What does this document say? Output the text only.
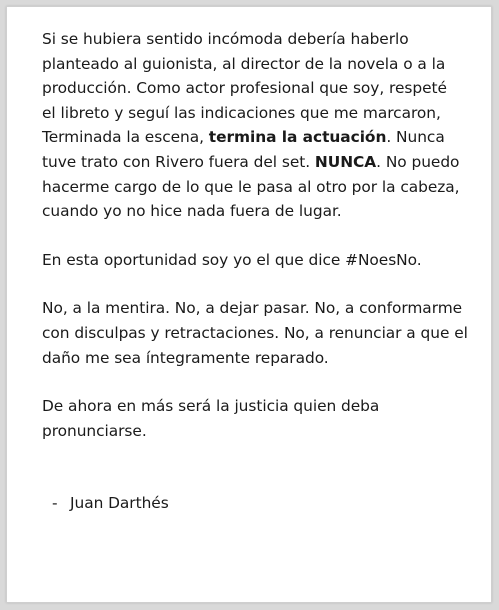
Si se hubiera sentido incómoda debería haberlo
planteado al guionista, al director de la novela o a la
producción. Como actor profesional que soy, respeté
el libreto y seguí las indicaciones que me marcaron,
Terminada la escena, termina la actuación. Nunca
tuve trato con Rivero fuera del set. NUNCA. No puedo
hacerme cargo de lo que le pasa al otro por la cabeza,
cuando yo no hice nada fuera de lugar.

En esta oportunidad soy yo el que dice #NoesNo.

No, a la mentira. No, a dejar pasar. No, a conformarme
con disculpas y retractaciones. No, a renunciar a que el
daño me sea íntegramente reparado.

De ahora en más será la justicia quien deba
pronunciarse.

- Juan Darthés
